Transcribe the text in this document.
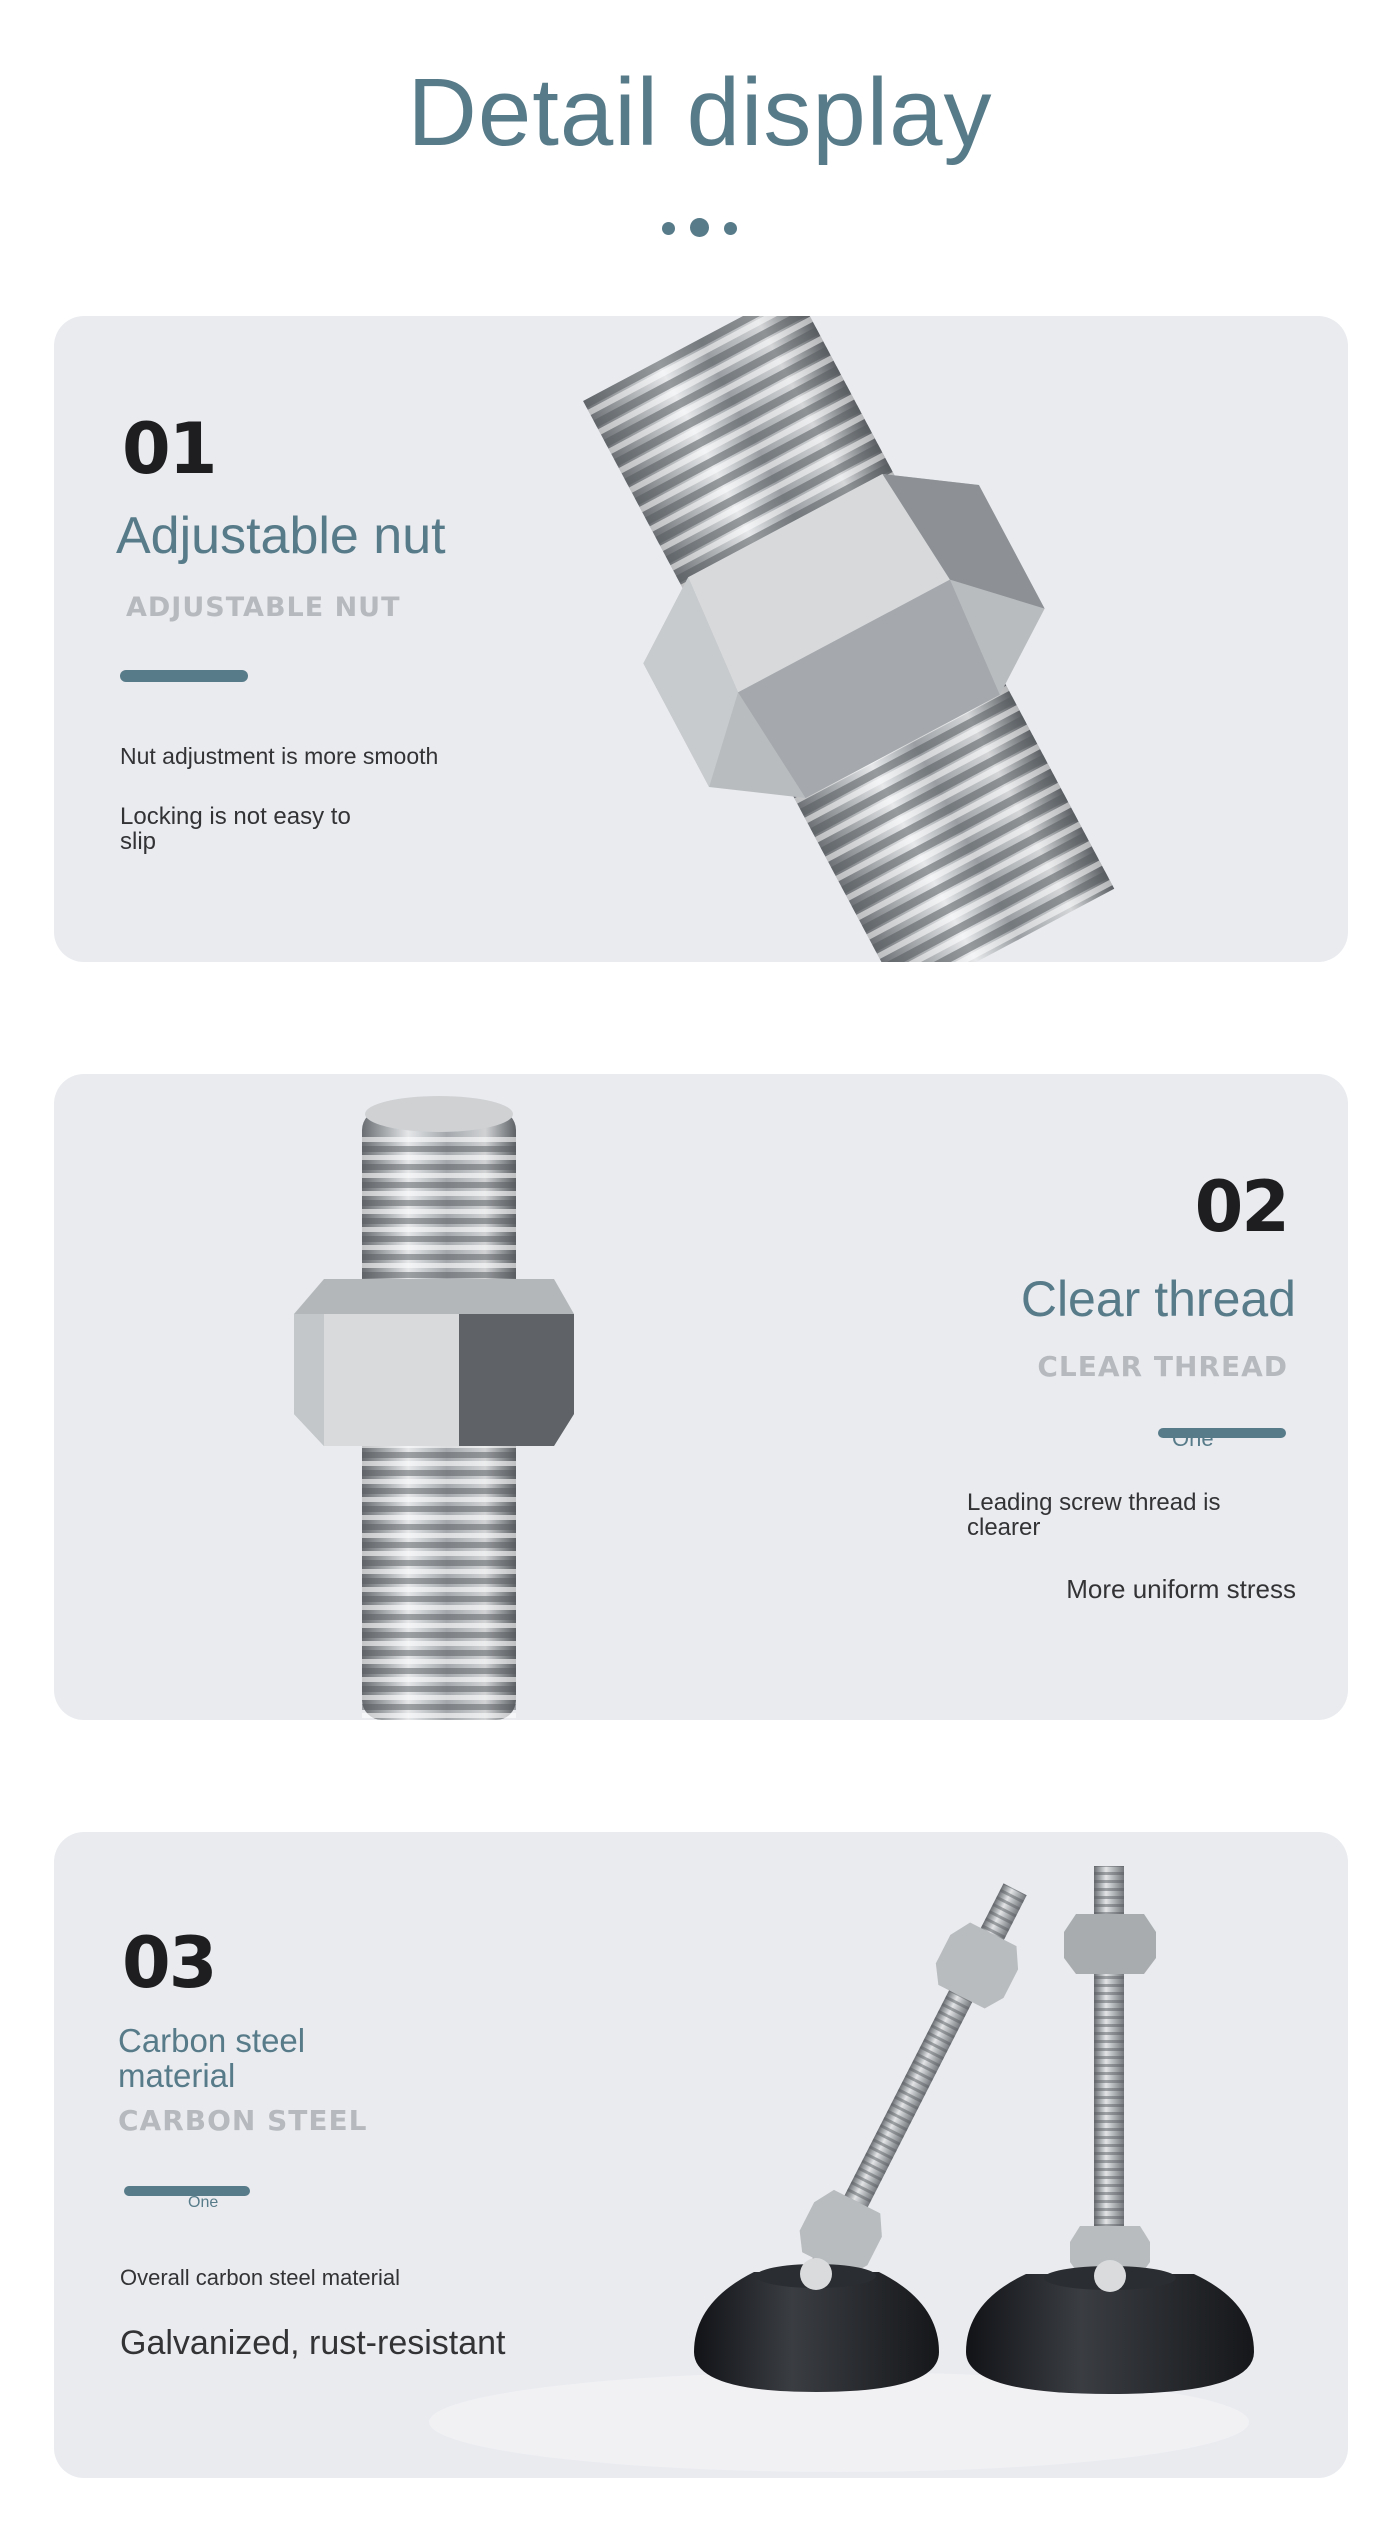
Detail display
01
Adjustable nut
ADJUSTABLE NUT
Nut adjustment is more smooth
Locking is not easy to slip
02
Clear thread
CLEAR THREAD
One
Leading screw thread is clearer
More uniform stress
03
Carbon steel material
CARBON STEEL
One
Overall carbon steel material
Galvanized, rust-resistant
